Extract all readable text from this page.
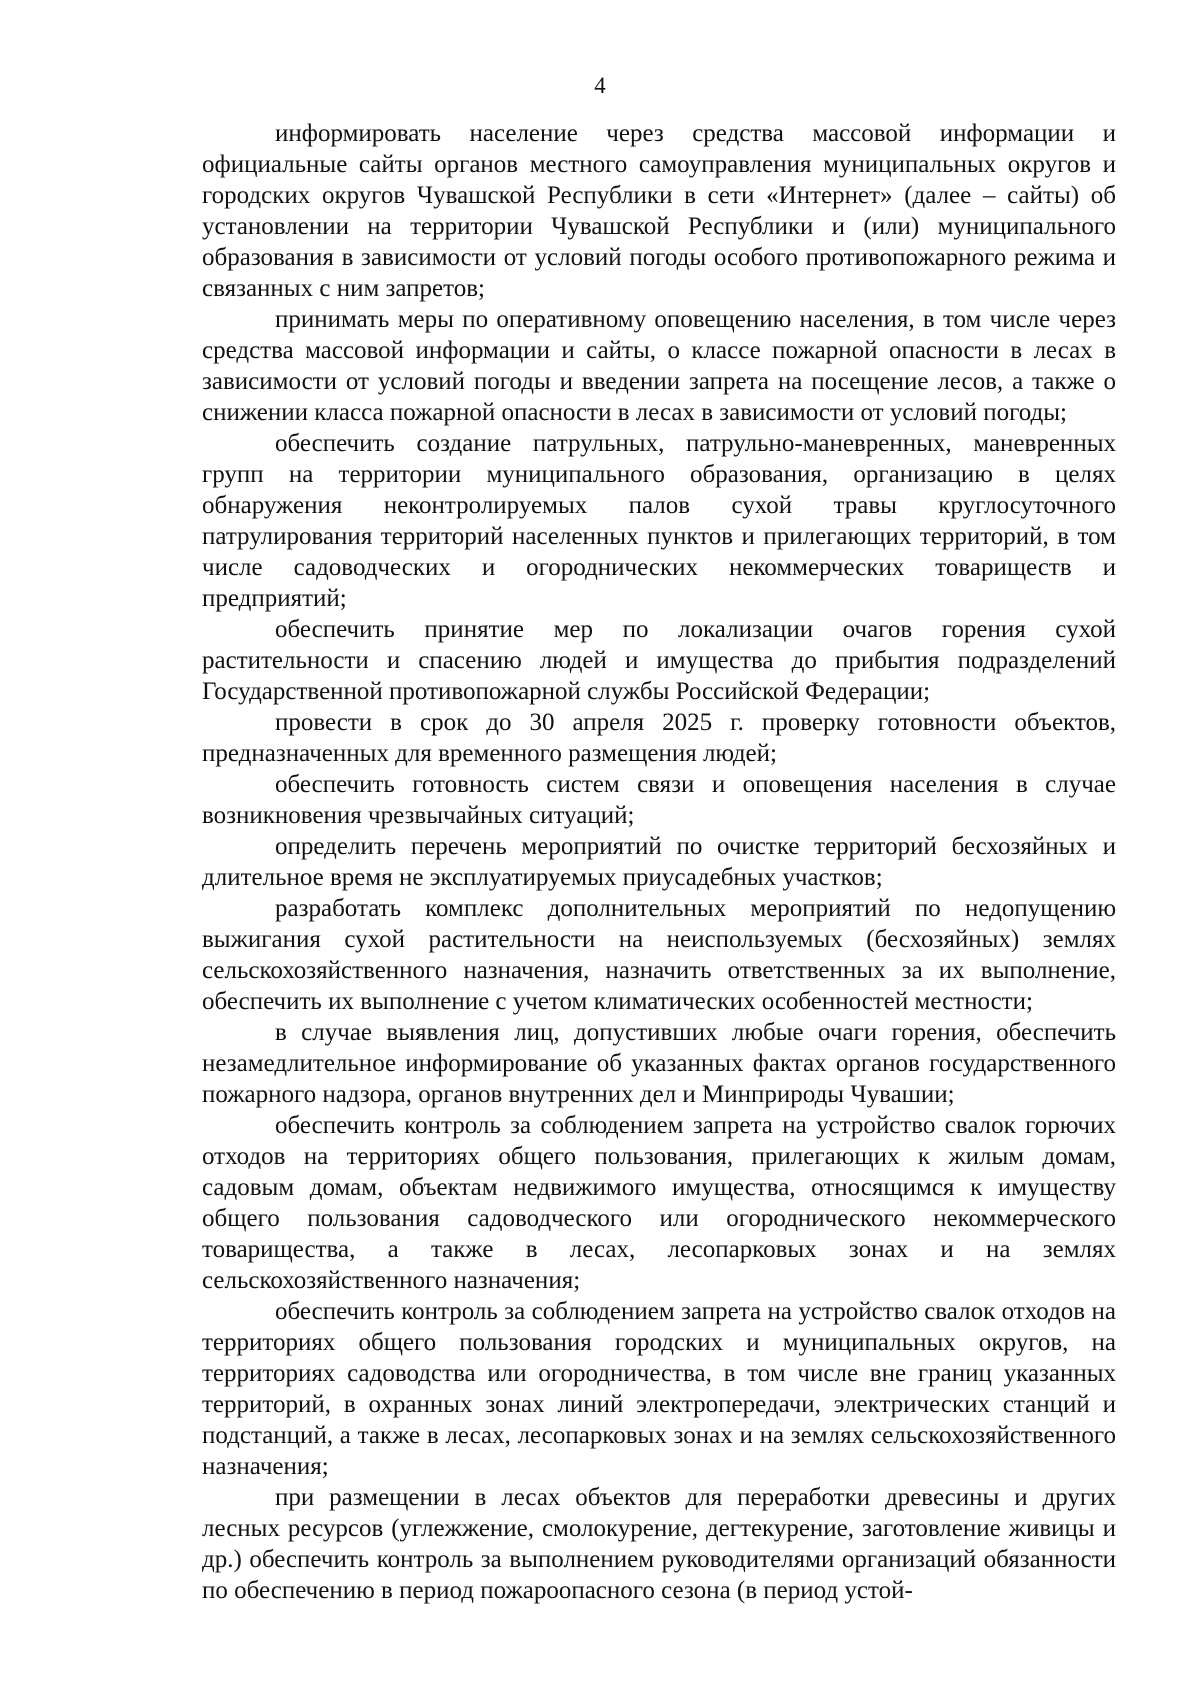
4

информировать население через средства массовой информации и официальные сайты органов местного самоуправления муниципальных округов и городских округов Чувашской Республики в сети «Интернет» (далее – сайты) об установлении на территории Чувашской Республики и (или) муниципального образования в зависимости от условий погоды особого противопожарного режима и связанных с ним запретов;

принимать меры по оперативному оповещению населения, в том числе через средства массовой информации и сайты, о классе пожарной опасности в лесах в зависимости от условий погоды и введении запрета на посещение лесов, а также о снижении класса пожарной опасности в лесах в зависимости от условий погоды;

обеспечить создание патрульных, патрульно-маневренных, маневренных групп на территории муниципального образования, организацию в целях обнаружения неконтролируемых палов сухой травы круглосуточного патрулирования территорий населенных пунктов и прилегающих территорий, в том числе садоводческих и огороднических некоммерческих товариществ и предприятий;

обеспечить принятие мер по локализации очагов горения сухой растительности и спасению людей и имущества до прибытия подразделений Государственной противопожарной службы Российской Федерации;

провести в срок до 30 апреля 2025 г. проверку готовности объектов, предназначенных для временного размещения людей;

обеспечить готовность систем связи и оповещения населения в случае возникновения чрезвычайных ситуаций;

определить перечень мероприятий по очистке территорий бесхозяйных и длительное время не эксплуатируемых приусадебных участков;

разработать комплекс дополнительных мероприятий по недопущению выжигания сухой растительности на неиспользуемых (бесхозяйных) землях сельскохозяйственного назначения, назначить ответственных за их выполнение, обеспечить их выполнение с учетом климатических особенностей местности;

в случае выявления лиц, допустивших любые очаги горения, обеспечить незамедлительное информирование об указанных фактах органов государственного пожарного надзора, органов внутренних дел и Минприроды Чувашии;

обеспечить контроль за соблюдением запрета на устройство свалок горючих отходов на территориях общего пользования, прилегающих к жилым домам, садовым домам, объектам недвижимого имущества, относящимся к имуществу общего пользования садоводческого или огороднического некоммерческого товарищества, а также в лесах, лесопарковых зонах и на землях сельскохозяйственного назначения;

обеспечить контроль за соблюдением запрета на устройство свалок отходов на территориях общего пользования городских и муниципальных округов, на территориях садоводства или огородничества, в том числе вне границ указанных территорий, в охранных зонах линий электропередачи, электрических станций и подстанций, а также в лесах, лесопарковых зонах и на землях сельскохозяйственного назначения;

при размещении в лесах объектов для переработки древесины и других лесных ресурсов (углежжение, смолокурение, дегтекурение, заготовление живицы и др.) обеспечить контроль за выполнением руководителями организаций обязанности по обеспечению в период пожароопасного сезона (в период устой-
